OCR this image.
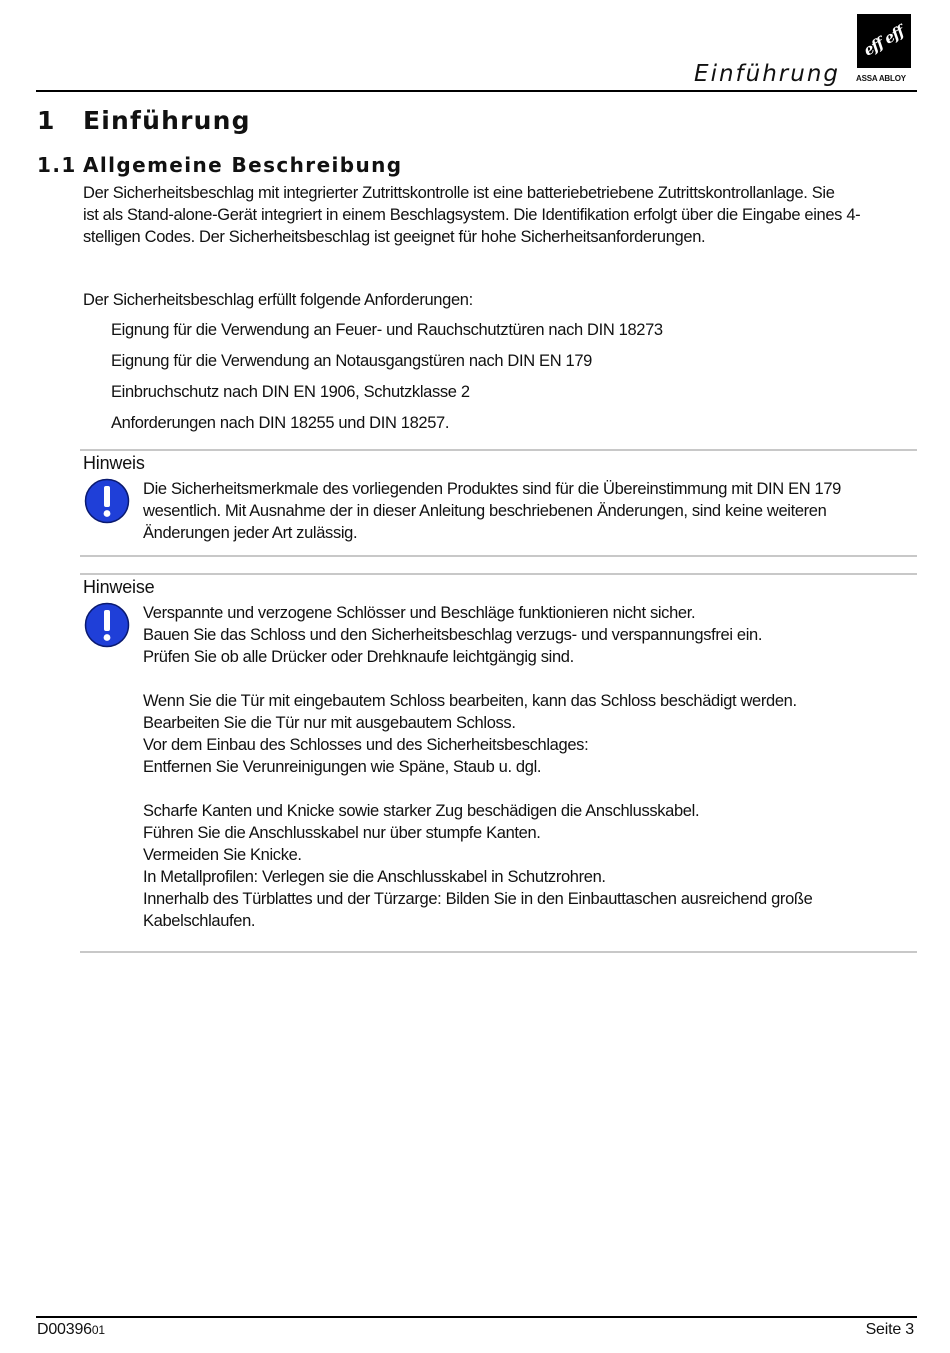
eff eff
ASSA ABLOY
Einführung
1 Einführung
1.1 Allgemeine Beschreibung
Der Sicherheitsbeschlag mit integrierter Zutrittskontrolle ist eine batteriebetriebene Zutrittskontrollanlage. Sie
ist als Stand-alone-Gerät integriert in einem Beschlagsystem. Die Identifikation erfolgt über die Eingabe eines 4-
stelligen Codes. Der Sicherheitsbeschlag ist geeignet für hohe Sicherheitsanforderungen.
Der Sicherheitsbeschlag erfüllt folgende Anforderungen:
Eignung für die Verwendung an Feuer- und Rauchschutztüren nach DIN 18273
Eignung für die Verwendung an Notausgangstüren nach DIN EN 179
Einbruchschutz nach DIN EN 1906, Schutzklasse 2
Anforderungen nach DIN 18255 und DIN 18257.
Hinweis
Die Sicherheitsmerkmale des vorliegenden Produktes sind für die Übereinstimmung mit DIN EN 179
wesentlich. Mit Ausnahme der in dieser Anleitung beschriebenen Änderungen, sind keine weiteren
Änderungen jeder Art zulässig.
Hinweise
Verspannte und verzogene Schlösser und Beschläge funktionieren nicht sicher.
Bauen Sie das Schloss und den Sicherheitsbeschlag verzugs- und verspannungsfrei ein.
Prüfen Sie ob alle Drücker oder Drehknaufe leichtgängig sind.
Wenn Sie die Tür mit eingebautem Schloss bearbeiten, kann das Schloss beschädigt werden.
Bearbeiten Sie die Tür nur mit ausgebautem Schloss.
Vor dem Einbau des Schlosses und des Sicherheitsbeschlages:
Entfernen Sie Verunreinigungen wie Späne, Staub u. dgl.
Scharfe Kanten und Knicke sowie starker Zug beschädigen die Anschlusskabel.
Führen Sie die Anschlusskabel nur über stumpfe Kanten.
Vermeiden Sie Knicke.
In Metallprofilen: Verlegen sie die Anschlusskabel in Schutzrohren.
Innerhalb des Türblattes und der Türzarge: Bilden Sie in den Einbauttaschen ausreichend große
Kabelschlaufen.
D0039601	Seite 3
